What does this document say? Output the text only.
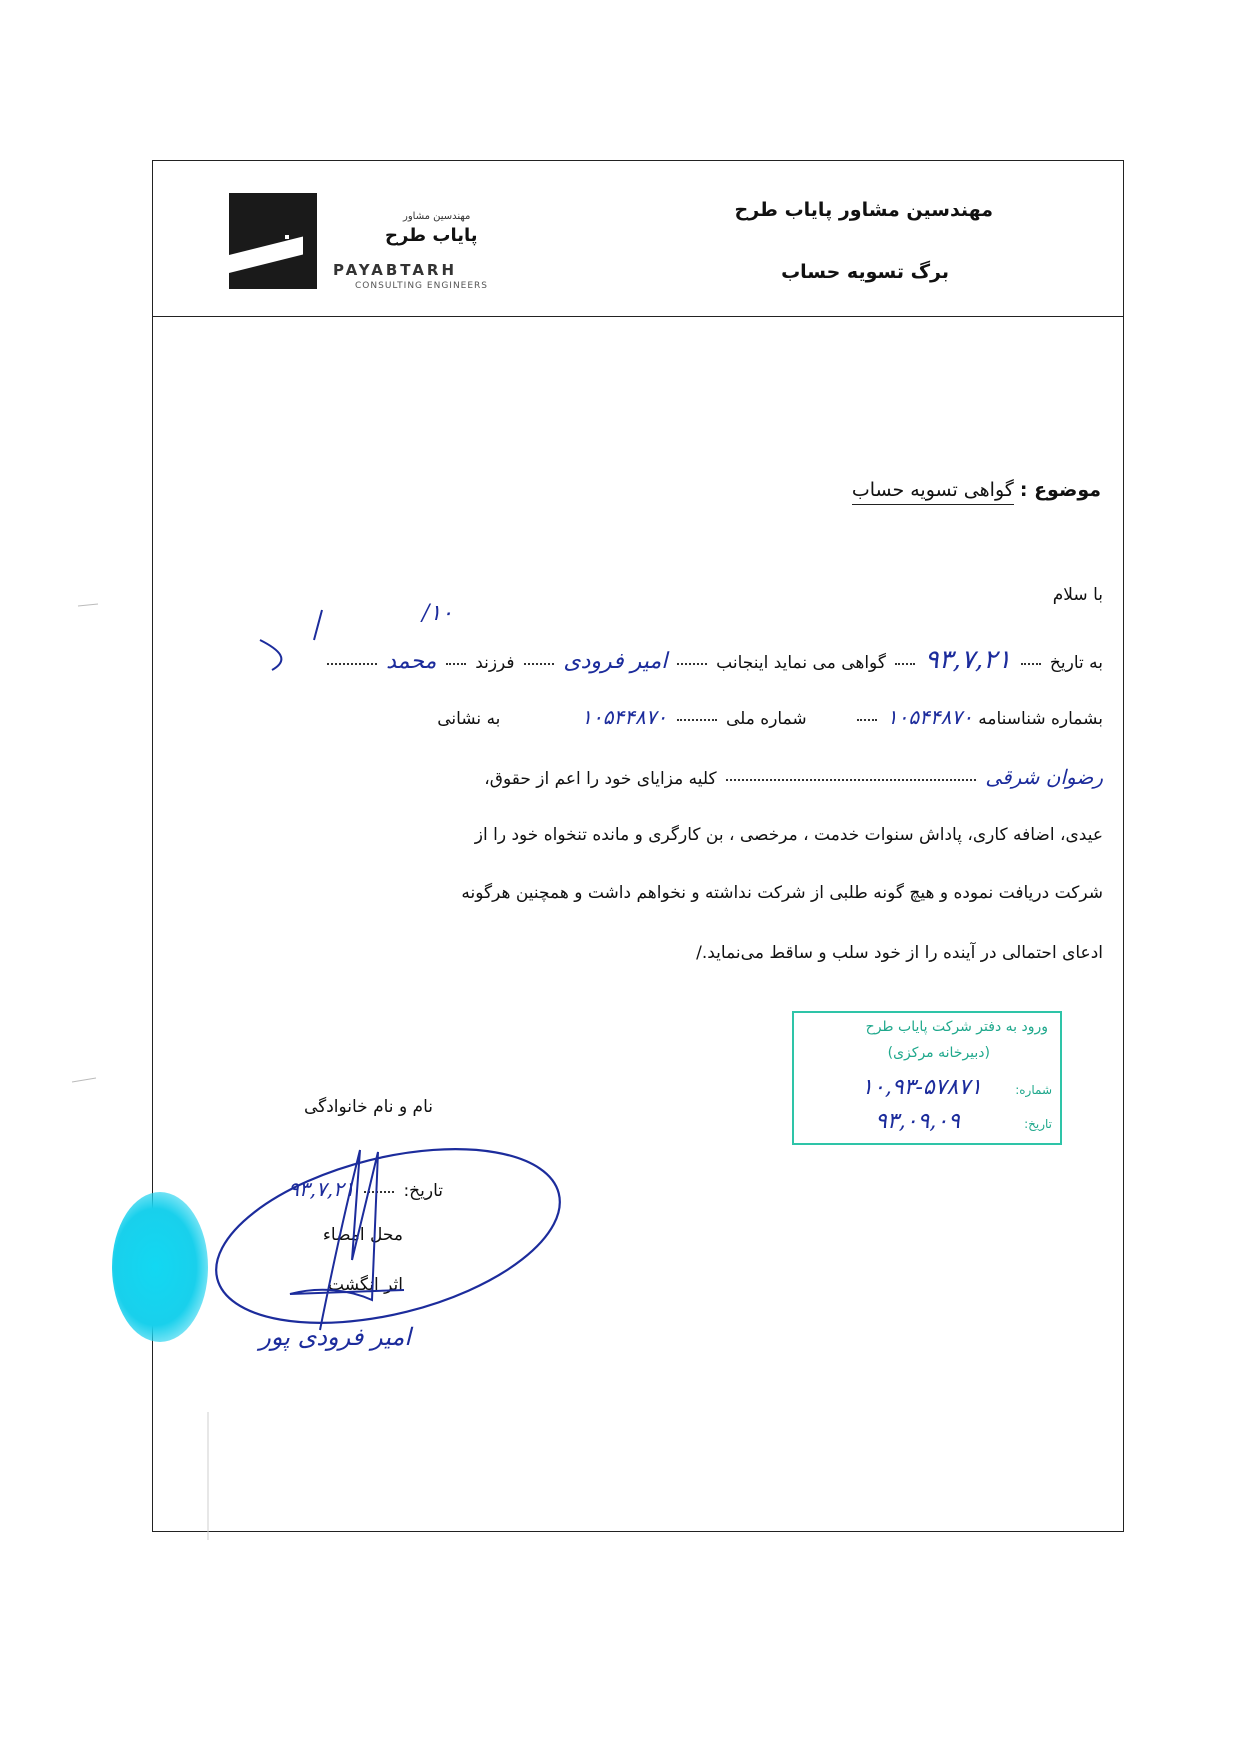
مهندسین مشاور
پایاب طرح
PAYABTARH
CONSULTING ENGINEERS
مهندسین مشاور پایاب طرح
برگ تسویه حساب
موضوع : گواهی تسویه حساب
با سلام
به تاریخ  ۹۳,۷,۲۱  گواهی می نماید اینجانب  امیر فرودی  فرزند  محمد
بشماره شناسنامه ۱۰۵۴۴۸۷۰   شماره ملی  ۱۰۵۴۴۸۷۰  به نشانی
رضوان شرقی  کلیه مزایای خود را اعم از حقوق،
عیدی، اضافه کاری، پاداش سنوات خدمت ، مرخصی ، بن کارگری و مانده تنخواه خود را از
شرکت دریافت نموده و هیچ گونه طلبی از شرکت نداشته و نخواهم داشت و همچنین هرگونه
ادعای احتمالی در آینده را از خود سلب و ساقط می‌نماید./
نام و نام خانوادگی
تاریخ:  ۹۳,۷,۲۱
محل امضاء
اثر انگشت
امیر فرودی پور
۱۰/
ورود به دفتر شرکت پایاب طرح
(دبیرخانه مرکزی)
شماره:
۱۰,۹۳-۵۷۸۷۱
تاریخ:
۹۳,۰۹,۰۹
